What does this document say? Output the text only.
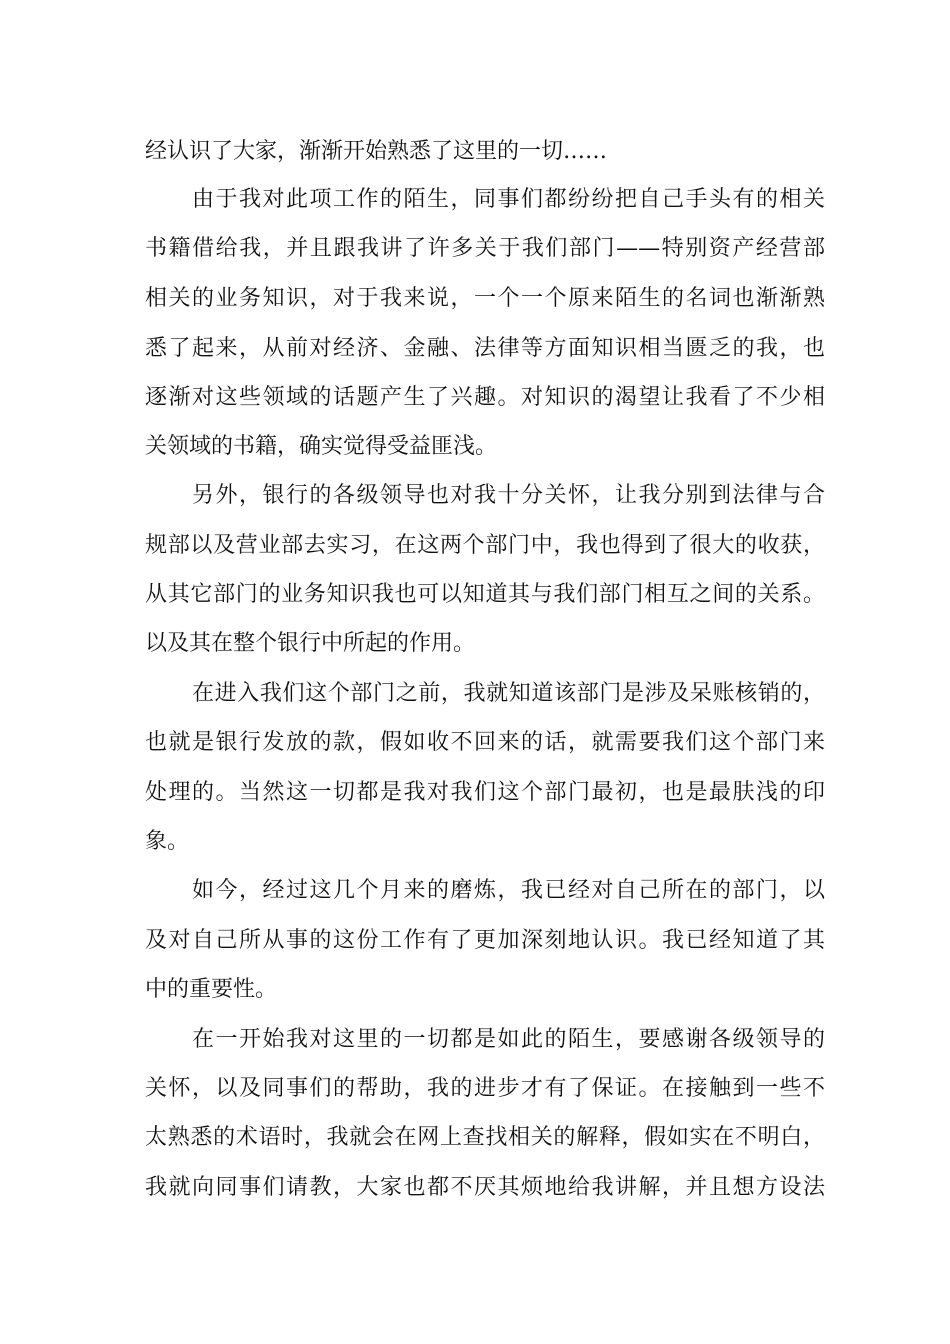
经认识了大家，渐渐开始熟悉了这里的一切……
由于我对此项工作的陌生，同事们都纷纷把自己手头有的相关
书籍借给我，并且跟我讲了许多关于我们部门——特别资产经营部
相关的业务知识，对于我来说，一个一个原来陌生的名词也渐渐熟
悉了起来，从前对经济、金融、法律等方面知识相当匮乏的我，也
逐渐对这些领域的话题产生了兴趣。对知识的渴望让我看了不少相
关领域的书籍，确实觉得受益匪浅。
另外，银行的各级领导也对我十分关怀，让我分别到法律与合
规部以及营业部去实习，在这两个部门中，我也得到了很大的收获，
从其它部门的业务知识我也可以知道其与我们部门相互之间的关系。
以及其在整个银行中所起的作用。
在进入我们这个部门之前，我就知道该部门是涉及呆账核销的，
也就是银行发放的款，假如收不回来的话，就需要我们这个部门来
处理的。当然这一切都是我对我们这个部门最初，也是最肤浅的印
象。
如今，经过这几个月来的磨炼，我已经对自己所在的部门，以
及对自己所从事的这份工作有了更加深刻地认识。我已经知道了其
中的重要性。
在一开始我对这里的一切都是如此的陌生，要感谢各级领导的
关怀，以及同事们的帮助，我的进步才有了保证。在接触到一些不
太熟悉的术语时，我就会在网上查找相关的解释，假如实在不明白，
我就向同事们请教，大家也都不厌其烦地给我讲解，并且想方设法
